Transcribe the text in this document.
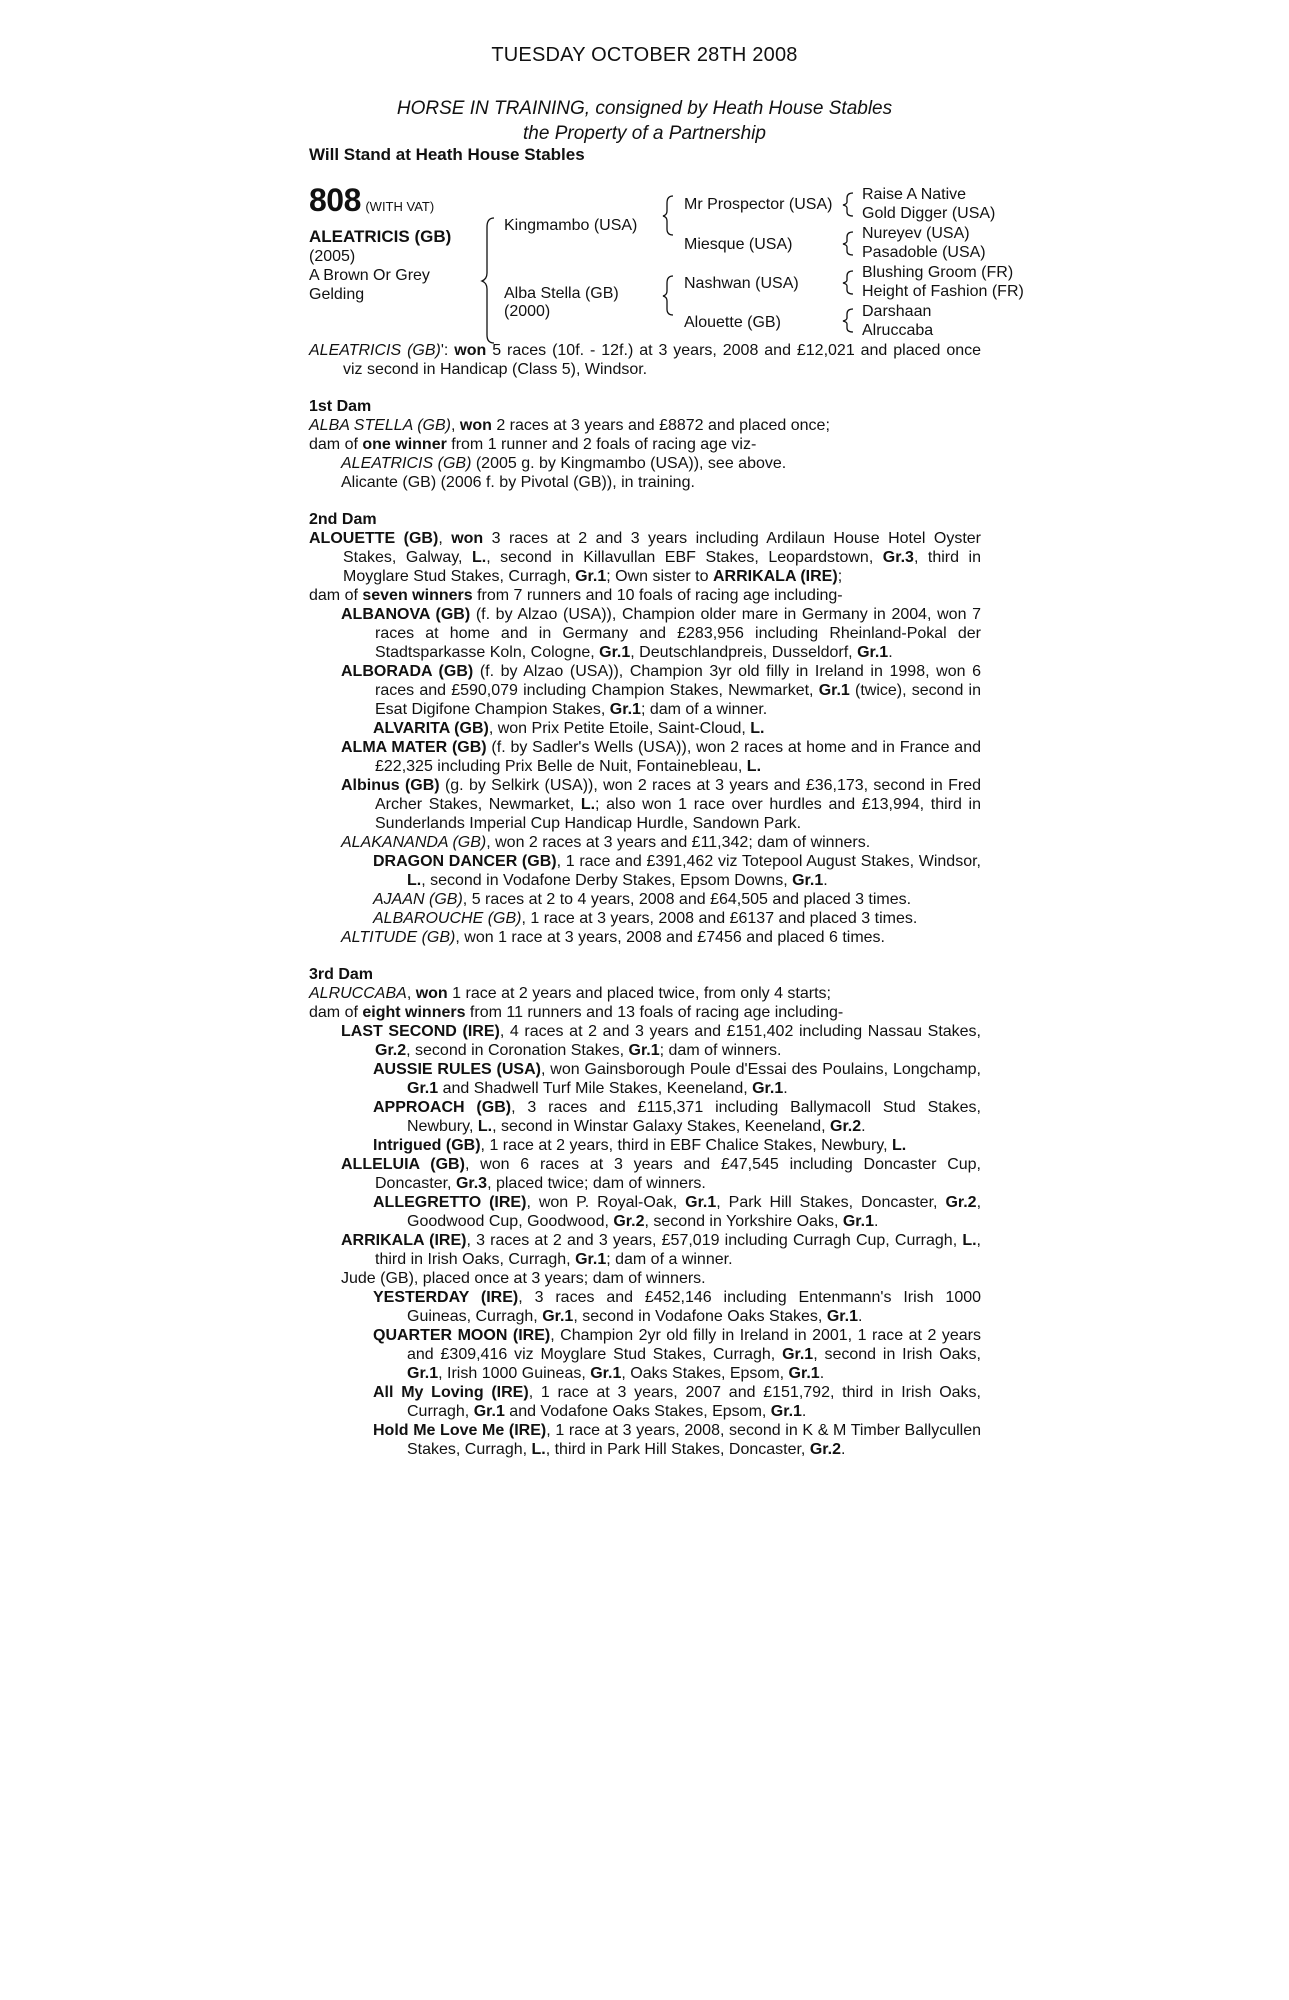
TUESDAY OCTOBER 28TH 2008
HORSE IN TRAINING, consigned by Heath House Stables
the Property of a Partnership
Will Stand at Heath House Stables
808 (WITH VAT)
ALEATRICIS (GB)
(2005)
A Brown Or Grey
Gelding
Kingmambo (USA)
Alba Stella (GB)
(2000)
Mr Prospector (USA)
Miesque (USA)
Nashwan (USA)
Alouette (GB)
Raise A Native
Gold Digger (USA)
Nureyev (USA)
Pasadoble (USA)
Blushing Groom (FR)
Height of Fashion (FR)
Darshaan
Alruccaba

ALEATRICIS (GB)': won 5 races (10f. - 12f.) at 3 years, 2008 and £12,021 and placed once viz second in Handicap (Class 5), Windsor.

1st Dam

ALBA STELLA (GB), won 2 races at 3 years and £8872 and placed once;

dam of one winner from 1 runner and 2 foals of racing age viz-

ALEATRICIS (GB) (2005 g. by Kingmambo (USA)), see above.

Alicante (GB) (2006 f. by Pivotal (GB)), in training.

2nd Dam

ALOUETTE (GB), won 3 races at 2 and 3 years including Ardilaun House Hotel Oyster Stakes, Galway, L., second in Killavullan EBF Stakes, Leopardstown, Gr.3, third in Moyglare Stud Stakes, Curragh, Gr.1; Own sister to ARRIKALA (IRE);

dam of seven winners from 7 runners and 10 foals of racing age including-

ALBANOVA (GB) (f. by Alzao (USA)), Champion older mare in Germany in 2004, won 7 races at home and in Germany and £283,956 including Rheinland-Pokal der Stadtsparkasse Koln, Cologne, Gr.1, Deutschlandpreis, Dusseldorf, Gr.1.

ALBORADA (GB) (f. by Alzao (USA)), Champion 3yr old filly in Ireland in 1998, won 6 races and £590,079 including Champion Stakes, Newmarket, Gr.1 (twice), second in Esat Digifone Champion Stakes, Gr.1; dam of a winner.

ALVARITA (GB), won Prix Petite Etoile, Saint-Cloud, L.

ALMA MATER (GB) (f. by Sadler's Wells (USA)), won 2 races at home and in France and £22,325 including Prix Belle de Nuit, Fontainebleau, L.

Albinus (GB) (g. by Selkirk (USA)), won 2 races at 3 years and £36,173, second in Fred Archer Stakes, Newmarket, L.; also won 1 race over hurdles and £13,994, third in Sunderlands Imperial Cup Handicap Hurdle, Sandown Park.

ALAKANANDA (GB), won 2 races at 3 years and £11,342; dam of winners.

DRAGON DANCER (GB), 1 race and £391,462 viz Totepool August Stakes, Windsor, L., second in Vodafone Derby Stakes, Epsom Downs, Gr.1.

AJAAN (GB), 5 races at 2 to 4 years, 2008 and £64,505 and placed 3 times.

ALBAROUCHE (GB), 1 race at 3 years, 2008 and £6137 and placed 3 times.

ALTITUDE (GB), won 1 race at 3 years, 2008 and £7456 and placed 6 times.

3rd Dam

ALRUCCABA, won 1 race at 2 years and placed twice, from only 4 starts;

dam of eight winners from 11 runners and 13 foals of racing age including-

LAST SECOND (IRE), 4 races at 2 and 3 years and £151,402 including Nassau Stakes, Gr.2, second in Coronation Stakes, Gr.1; dam of winners.

AUSSIE RULES (USA), won Gainsborough Poule d'Essai des Poulains, Longchamp, Gr.1 and Shadwell Turf Mile Stakes, Keeneland, Gr.1.

APPROACH (GB), 3 races and £115,371 including Ballymacoll Stud Stakes, Newbury, L., second in Winstar Galaxy Stakes, Keeneland, Gr.2.

Intrigued (GB), 1 race at 2 years, third in EBF Chalice Stakes, Newbury, L.

ALLELUIA (GB), won 6 races at 3 years and £47,545 including Doncaster Cup, Doncaster, Gr.3, placed twice; dam of winners.

ALLEGRETTO (IRE), won P. Royal-Oak, Gr.1, Park Hill Stakes, Doncaster, Gr.2, Goodwood Cup, Goodwood, Gr.2, second in Yorkshire Oaks, Gr.1.

ARRIKALA (IRE), 3 races at 2 and 3 years, £57,019 including Curragh Cup, Curragh, L., third in Irish Oaks, Curragh, Gr.1; dam of a winner.

Jude (GB), placed once at 3 years; dam of winners.

YESTERDAY (IRE), 3 races and £452,146 including Entenmann's Irish 1000 Guineas, Curragh, Gr.1, second in Vodafone Oaks Stakes, Gr.1.

QUARTER MOON (IRE), Champion 2yr old filly in Ireland in 2001, 1 race at 2 years and £309,416 viz Moyglare Stud Stakes, Curragh, Gr.1, second in Irish Oaks, Gr.1, Irish 1000 Guineas, Gr.1, Oaks Stakes, Epsom, Gr.1.

All My Loving (IRE), 1 race at 3 years, 2007 and £151,792, third in Irish Oaks, Curragh, Gr.1 and Vodafone Oaks Stakes, Epsom, Gr.1.

Hold Me Love Me (IRE), 1 race at 3 years, 2008, second in K & M Timber Ballycullen Stakes, Curragh, L., third in Park Hill Stakes, Doncaster, Gr.2.
